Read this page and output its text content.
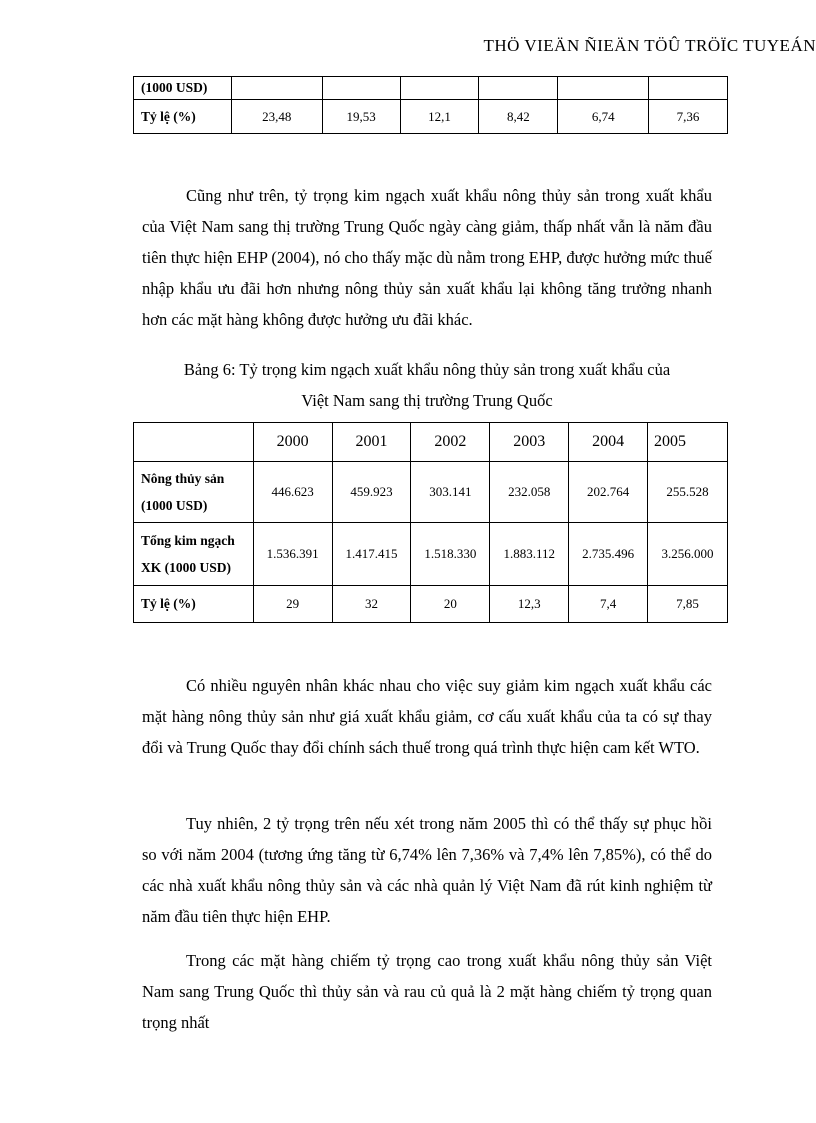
THÖ VIEÄN ÑIEÄN TÖÛ TRÖÏC TUYEÁN
(1000 USD)						
Tỷ lệ (%)	23,48	19,53	12,1	8,42	6,74	7,36

Cũng như trên, tỷ trọng kim ngạch xuất khẩu nông thủy sản trong xuất khẩu của Việt Nam sang thị trường Trung Quốc ngày càng giảm, thấp nhất vẫn là năm đầu tiên thực hiện EHP (2004), nó cho thấy mặc dù nằm trong EHP, được hưởng mức thuế nhập khẩu ưu đãi hơn nhưng nông thủy sản xuất khẩu lại không tăng trưởng nhanh hơn các mặt hàng không được hưởng ưu đãi khác.

Bảng 6: Tỷ trọng kim ngạch xuất khẩu nông thủy sản trong xuất khẩu của

Việt Nam sang thị trường Trung Quốc

	2000	2001	2002	2003	2004	2005
Nông thủy sản (1000 USD)	446.623	459.923	303.141	232.058	202.764	255.528
Tổng kim ngạch XK (1000 USD)	1.536.391	1.417.415	1.518.330	1.883.112	2.735.496	3.256.000
Tỷ lệ (%)	29	32	20	12,3	7,4	7,85

Có nhiều nguyên nhân khác nhau cho việc suy giảm kim ngạch xuất khẩu các mặt hàng nông thủy sản như giá xuất khẩu giảm, cơ cấu xuất khẩu của ta có sự thay đổi và Trung Quốc thay đổi chính sách thuế trong quá trình thực hiện cam kết WTO.

Tuy nhiên, 2 tỷ trọng trên nếu xét trong năm 2005 thì có thể thấy sự phục hồi so với năm 2004 (tương ứng tăng từ 6,74% lên 7,36% và 7,4% lên 7,85%), có thể do các nhà xuất khẩu nông thủy sản và các nhà quản lý Việt Nam đã rút kinh nghiệm từ năm đầu tiên thực hiện EHP.

Trong các mặt hàng chiếm tỷ trọng cao trong xuất khẩu nông thủy sản Việt Nam sang Trung Quốc thì thủy sản và rau củ quả là 2 mặt hàng chiếm tỷ trọng quan trọng nhất
